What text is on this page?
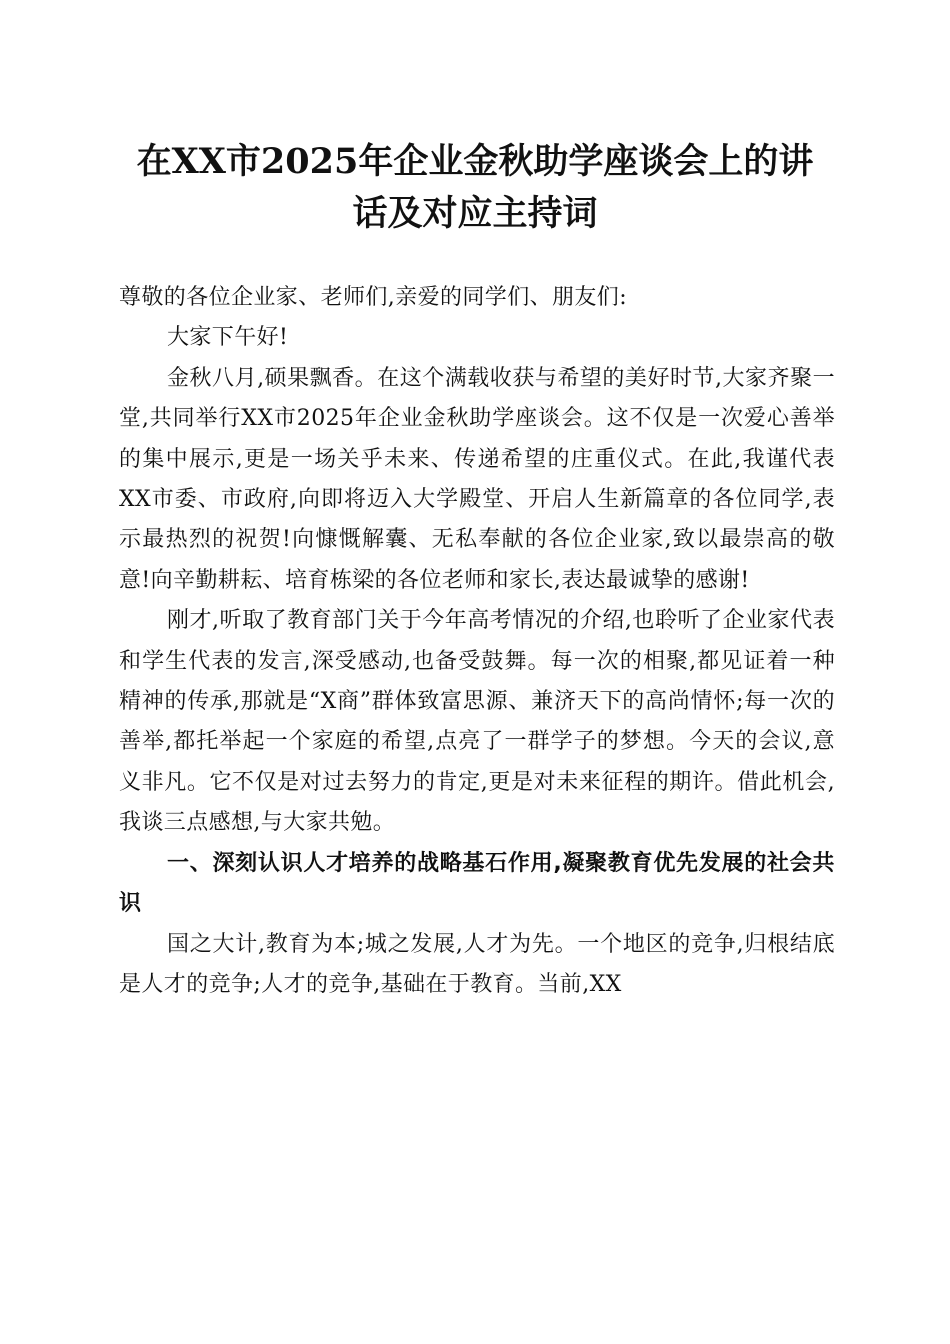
在XX市2025年企业金秋助学座谈会上的讲
话及对应主持词

尊敬的各位企业家、老师们,亲爱的同学们、朋友们:

大家下午好!

金秋八月,硕果飘香。在这个满载收获与希望的美好时节,大家齐聚一堂,共同举行XX市2025年企业金秋助学座谈会。这不仅是一次爱心善举的集中展示,更是一场关乎未来、传递希望的庄重仪式。在此,我谨代表XX市委、市政府,向即将迈入大学殿堂、开启人生新篇章的各位同学,表示最热烈的祝贺!向慷慨解囊、无私奉献的各位企业家,致以最崇高的敬意!向辛勤耕耘、培育栋梁的各位老师和家长,表达最诚挚的感谢!

刚才,听取了教育部门关于今年高考情况的介绍,也聆听了企业家代表和学生代表的发言,深受感动,也备受鼓舞。每一次的相聚,都见证着一种精神的传承,那就是“X商”群体致富思源、兼济天下的高尚情怀;每一次的善举,都托举起一个家庭的希望,点亮了一群学子的梦想。今天的会议,意义非凡。它不仅是对过去努力的肯定,更是对未来征程的期许。借此机会,我谈三点感想,与大家共勉。

一、深刻认识人才培养的战略基石作用,凝聚教育优先发展的社会共识

国之大计,教育为本;城之发展,人才为先。一个地区的竞争,归根结底是人才的竞争;人才的竞争,基础在于教育。当前,XX
